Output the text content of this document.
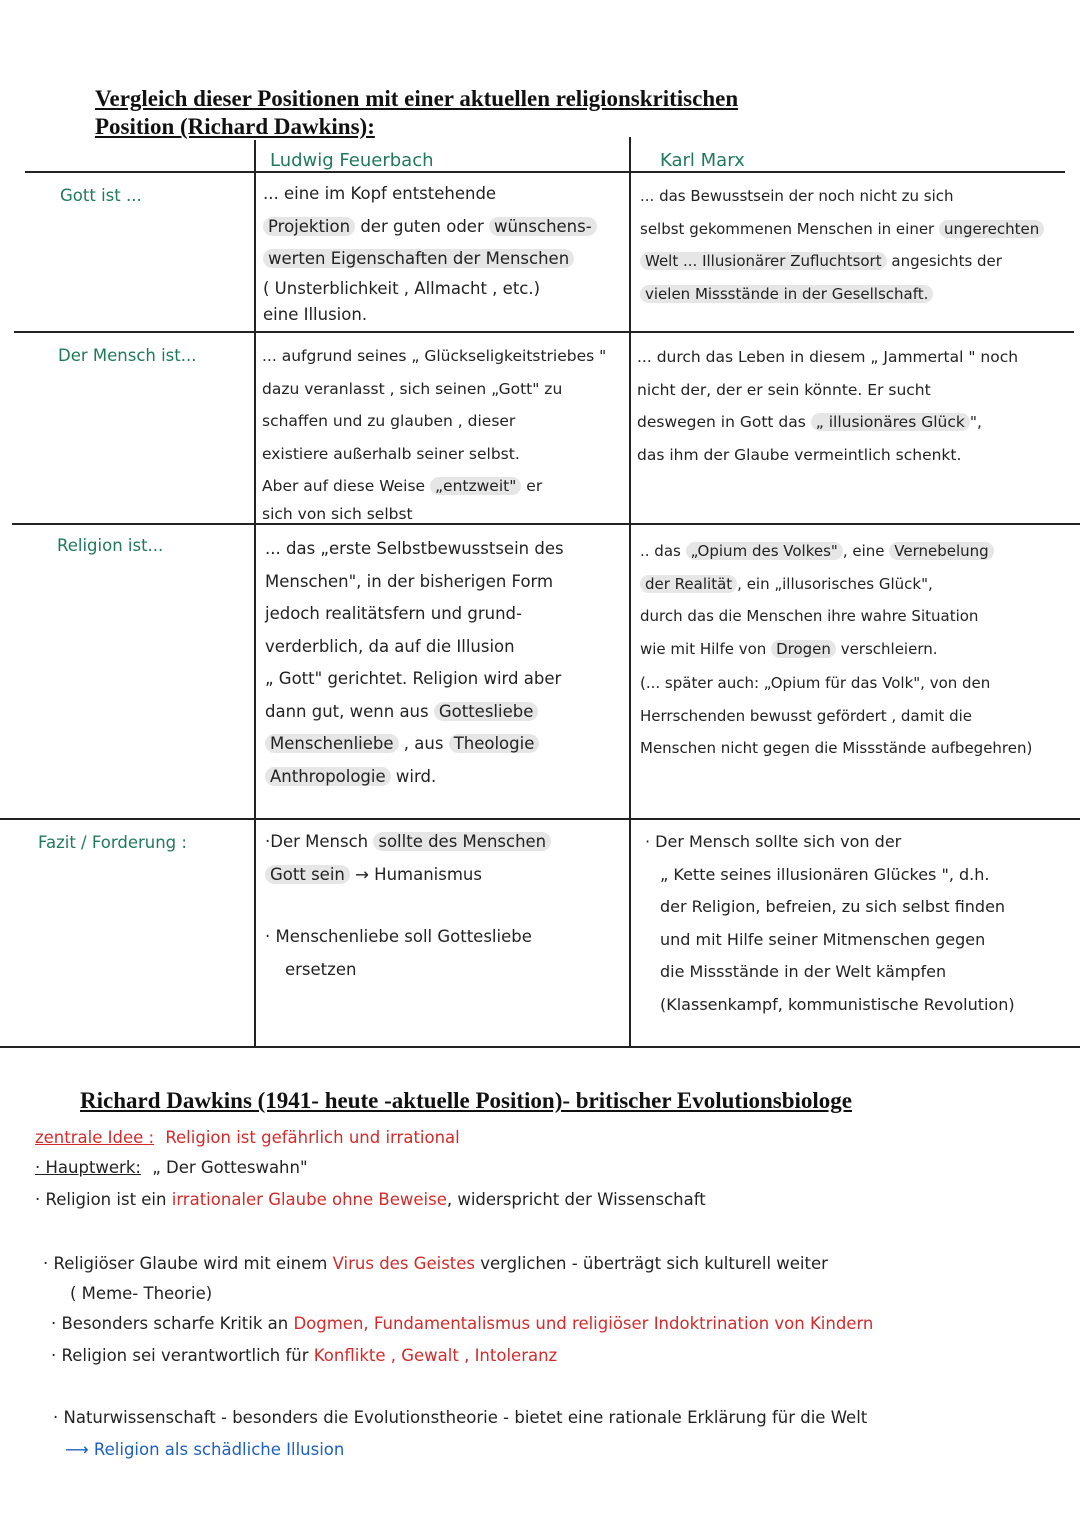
Vergleich dieser Positionen mit einer aktuellen religionskritischen
Position (Richard Dawkins):
Ludwig Feuerbach	Karl Marx
Gott ist ...
Der Mensch ist...
Religion ist...
Fazit / Forderung :

... eine im Kopf entstehende

Projektion der guten oder wünschens-

werten Eigenschaften der Menschen

( Unsterblichkeit , Allmacht , etc.)

eine Illusion.

... das Bewusstsein der noch nicht zu sich

selbst gekommenen Menschen in einer ungerechten

Welt ... Illusionärer Zufluchtsort angesichts der

vielen Missstände in der Gesellschaft.

... aufgrund seines „ Glückseligkeitstriebes "

dazu veranlasst , sich seinen „Gott" zu

schaffen und zu glauben , dieser

existiere außerhalb seiner selbst.

Aber auf diese Weise „entzweit" er

sich von sich selbst

... durch das Leben in diesem „ Jammertal " noch

nicht der, der er sein könnte. Er sucht

deswegen in Gott das „ illusionäres Glück ",

das ihm der Glaube vermeintlich schenkt.

... das „erste Selbstbewusstsein des

Menschen", in der bisherigen Form

jedoch realitätsfern und grund-

verderblich, da auf die Illusion

„ Gott" gerichtet. Religion wird aber

dann gut, wenn aus Gottesliebe

Menschenliebe , aus Theologie

Anthropologie wird.

.. das „Opium des Volkes" , eine Vernebelung

der Realität , ein „illusorisches Glück",

durch das die Menschen ihre wahre Situation

wie mit Hilfe von Drogen verschleiern.

(... später auch: „Opium für das Volk", von den

Herrschenden bewusst gefördert , damit die

Menschen nicht gegen die Missstände aufbegehren)

·Der Mensch sollte des Menschen

Gott sein → Humanismus

· Menschenliebe soll Gottesliebe

ersetzen

· Der Mensch sollte sich von der

„ Kette seines illusionären Glückes ", d.h.

der Religion, befreien, zu sich selbst finden

und mit Hilfe seiner Mitmenschen gegen

die Missstände in der Welt kämpfen

(Klassenkampf, kommunistische Revolution)

Richard Dawkins (1941- heute -aktuelle Position)- britischer Evolutionsbiologe
zentrale Idee : Religion ist gefährlich und irrational
· Hauptwerk: „ Der Gotteswahn"
· Religion ist ein irrationaler Glaube ohne Beweise, widerspricht der Wissenschaft
· Religiöser Glaube wird mit einem Virus des Geistes verglichen - überträgt sich kulturell weiter
( Meme- Theorie)
· Besonders scharfe Kritik an Dogmen, Fundamentalismus und religiöser Indoktrination von Kindern
· Religion sei verantwortlich für Konflikte , Gewalt , Intoleranz
· Naturwissenschaft - besonders die Evolutionstheorie - bietet eine rationale Erklärung für die Welt
⟶ Religion als schädliche Illusion
